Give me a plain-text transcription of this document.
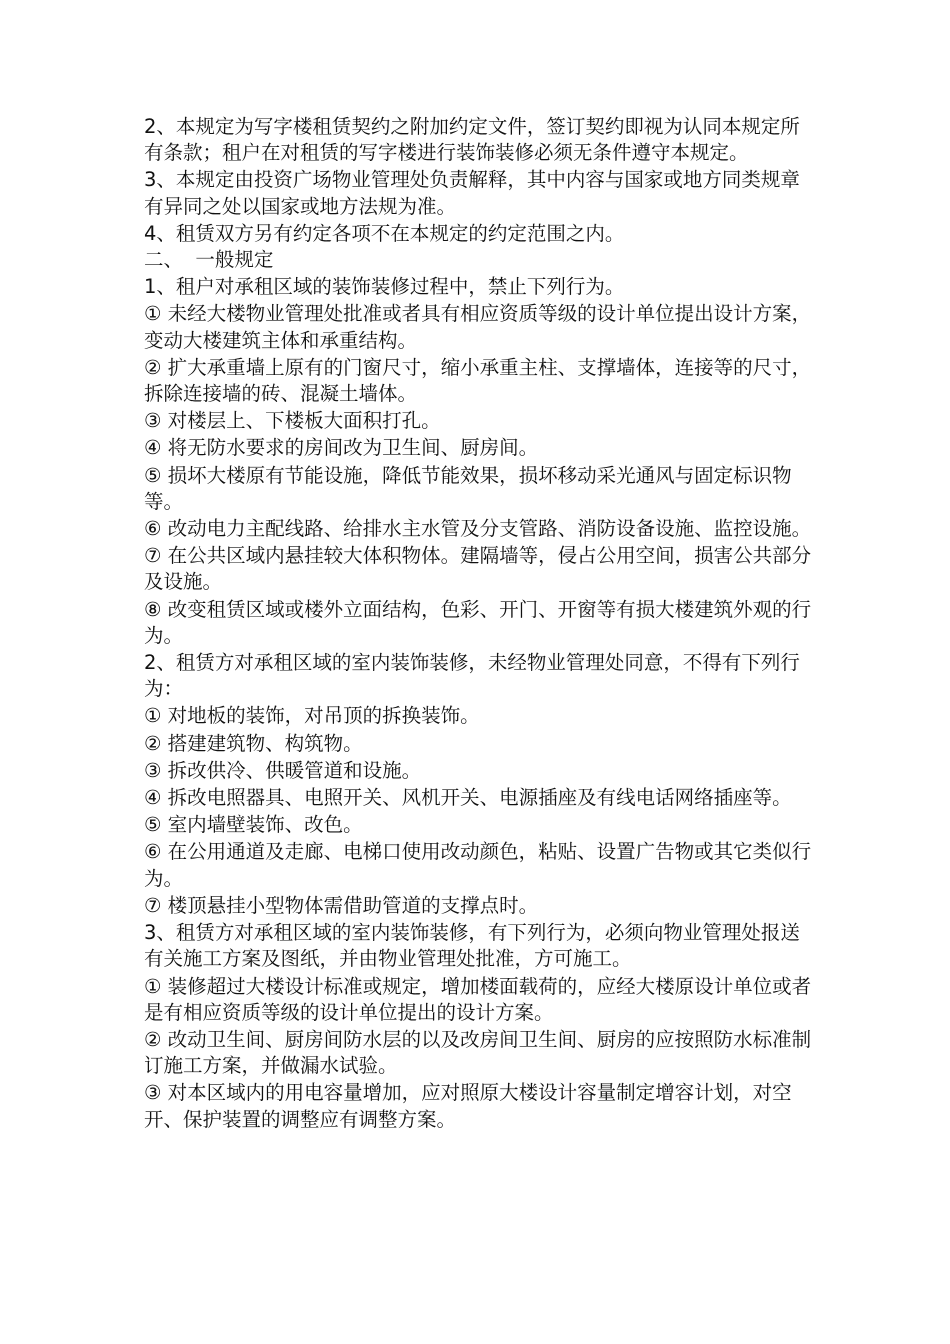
2、本规定为写字楼租赁契约之附加约定文件，签订契约即视为认同本规定所有条款；租户在对租赁的写字楼进行装饰装修必须无条件遵守本规定。

3、本规定由投资广场物业管理处负责解释，其中内容与国家或地方同类规章有异同之处以国家或地方法规为准。

4、租赁双方另有约定各项不在本规定的约定范围之内。

二、  一般规定

1、租户对承租区域的装饰装修过程中，禁止下列行为。

① 未经大楼物业管理处批准或者具有相应资质等级的设计单位提出设计方案，变动大楼建筑主体和承重结构。

② 扩大承重墙上原有的门窗尺寸，缩小承重主柱、支撑墙体，连接等的尺寸，拆除连接墙的砖、混凝土墙体。

③ 对楼层上、下楼板大面积打孔。

④ 将无防水要求的房间改为卫生间、厨房间。

⑤ 损坏大楼原有节能设施，降低节能效果，损坏移动采光通风与固定标识物等。

⑥ 改动电力主配线路、给排水主水管及分支管路、消防设备设施、监控设施。

⑦ 在公共区域内悬挂较大体积物体。建隔墙等，侵占公用空间，损害公共部分及设施。

⑧ 改变租赁区域或楼外立面结构，色彩、开门、开窗等有损大楼建筑外观的行为。

2、租赁方对承租区域的室内装饰装修，未经物业管理处同意，不得有下列行为：

① 对地板的装饰，对吊顶的拆换装饰。

② 搭建建筑物、构筑物。

③ 拆改供冷、供暖管道和设施。

④ 拆改电照器具、电照开关、风机开关、电源插座及有线电话网络插座等。

⑤ 室内墙壁装饰、改色。

⑥ 在公用通道及走廊、电梯口使用改动颜色，粘贴、设置广告物或其它类似行为。

⑦ 楼顶悬挂小型物体需借助管道的支撑点时。

3、租赁方对承租区域的室内装饰装修，有下列行为，必须向物业管理处报送有关施工方案及图纸，并由物业管理处批准，方可施工。

① 装修超过大楼设计标准或规定，增加楼面载荷的，应经大楼原设计单位或者是有相应资质等级的设计单位提出的设计方案。

② 改动卫生间、厨房间防水层的以及改房间卫生间、厨房的应按照防水标准制订施工方案，并做漏水试验。

③ 对本区域内的用电容量增加，应对照原大楼设计容量制定增容计划，对空开、保护装置的调整应有调整方案。
